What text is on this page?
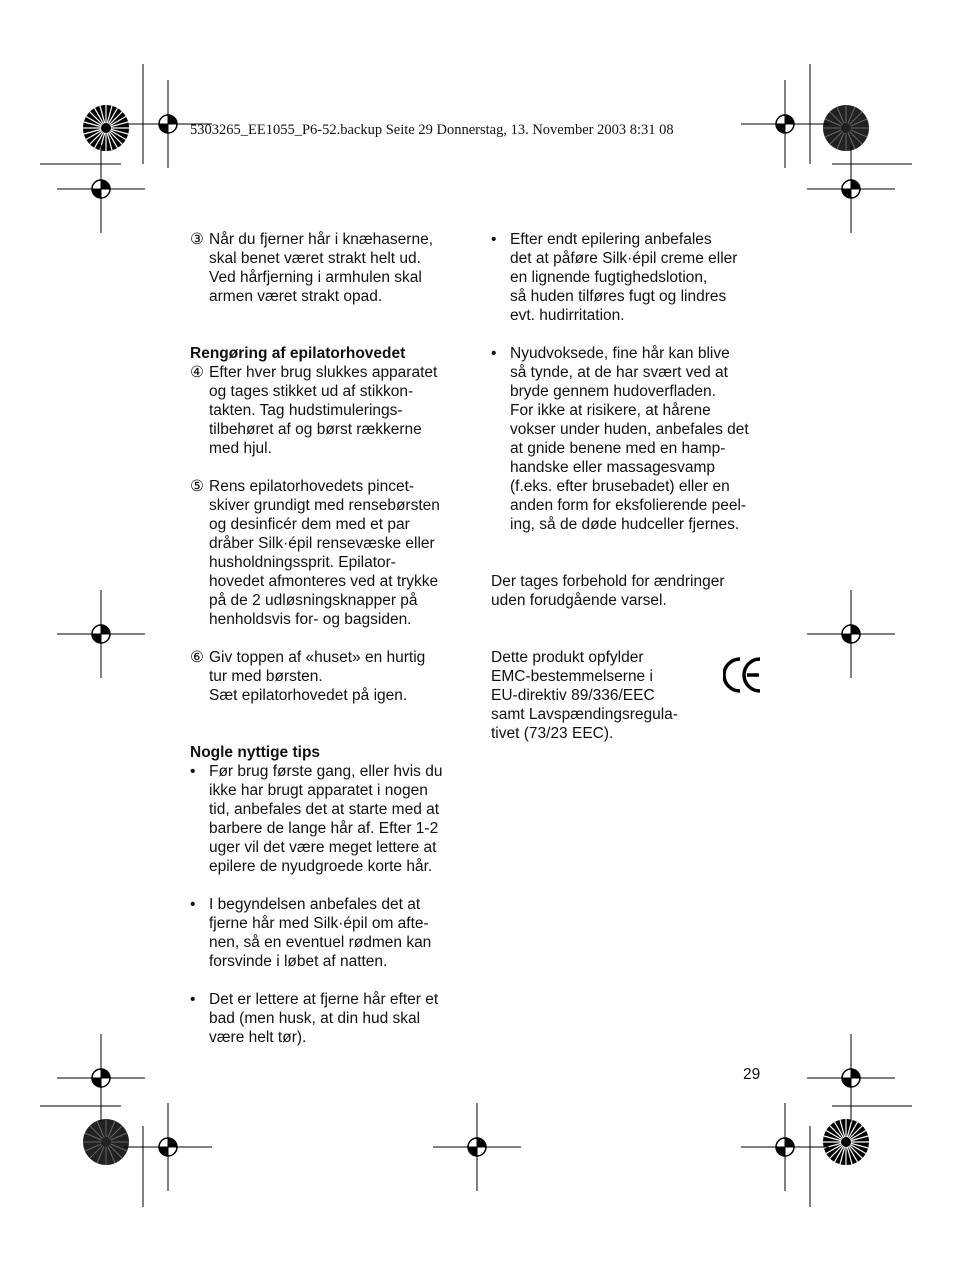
5303265_EE1055_P6-52.backup Seite 29 Donnerstag, 13. November 2003 8:31 08
③ Når du fjerner hår i knæhaserne,
skal benet været strakt helt ud.
Ved hårfjerning i armhulen skal
armen været strakt opad.
Rengøring af epilatorhovedet
④ Efter hver brug slukkes apparatet
og tages stikket ud af stikkon-
takten. Tag hudstimulerings-
tilbehøret af og børst rækkerne
med hjul.
⑤ Rens epilatorhovedets pincet-
skiver grundigt med rensebørsten
og desinficér dem med et par
dråber Silk·épil rensevæske eller
husholdningssprit. Epilator-
hovedet afmonteres ved at trykke
på de 2 udløsningsknapper på
henholdsvis for- og bagsiden.
⑥ Giv toppen af «huset» en hurtig
tur med børsten.
Sæt epilatorhovedet på igen.
Nogle nyttige tips
• Før brug første gang, eller hvis du
ikke har brugt apparatet i nogen
tid, anbefales det at starte med at
barbere de lange hår af. Efter 1-2
uger vil det være meget lettere at
epilere de nyudgroede korte hår.
• I begyndelsen anbefales det at
fjerne hår med Silk·épil om afte-
nen, så en eventuel rødmen kan
forsvinde i løbet af natten.
• Det er lettere at fjerne hår efter et
bad (men husk, at din hud skal
være helt tør).
• Efter endt epilering anbefales
det at påføre Silk·épil creme eller
en lignende fugtighedslotion,
så huden tilføres fugt og lindres
evt. hudirritation.
• Nyudvoksede, fine hår kan blive
så tynde, at de har svært ved at
bryde gennem hudoverfladen.
For ikke at risikere, at hårene
vokser under huden, anbefales det
at gnide benene med en hamp-
handske eller massagesvamp
(f.eks. efter brusebadet) eller en
anden form for eksfolierende peel-
ing, så de døde hudceller fjernes.
Der tages forbehold for ændringer
uden forudgående varsel.
Dette produkt opfylder
EMC-bestemmelserne i
EU-direktiv 89/336/EEC
samt Lavspændingsregula-
tivet (73/23 EEC).
29
